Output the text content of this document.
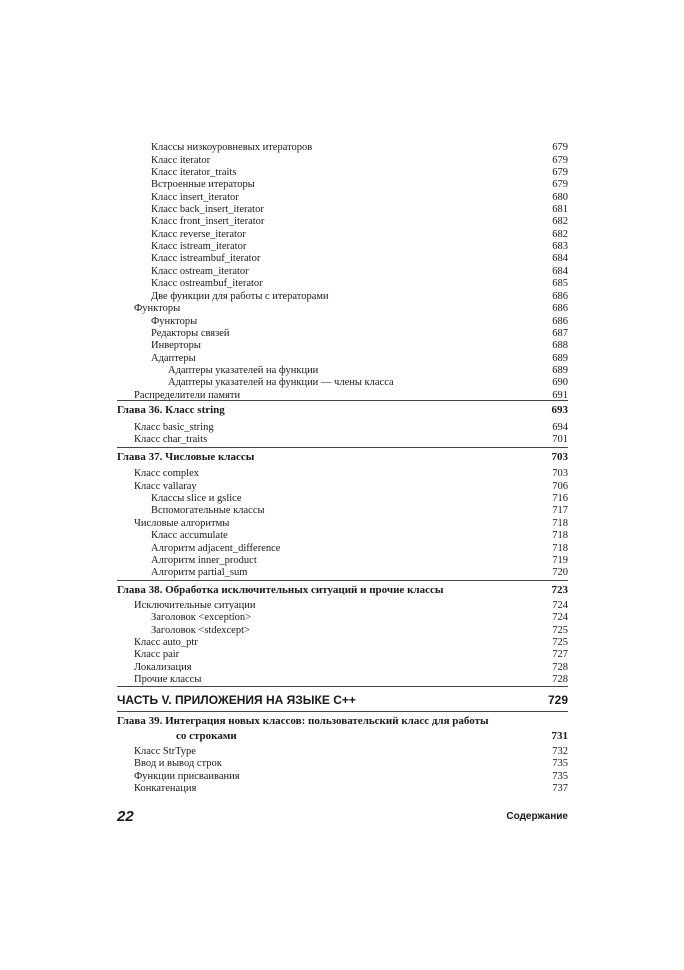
Классы низкоуровневых итераторов	679
Класс iterator	679
Класс iterator_traits	679
Встроенные итераторы	679
Класс insert_iterator	680
Класс back_insert_iterator	681
Класс front_insert_iterator	682
Класс reverse_iterator	682
Класс istream_iterator	683
Класс istreambuf_iterator	684
Класс ostream_iterator	684
Класс ostreambuf_iterator	685
Две функции для работы с итераторами	686
Функторы	686
Функторы	686
Редакторы связей	687
Инверторы	688
Адаптеры	689
Адаптеры указателей на функции	689
Адаптеры указателей на функции — члены класса	690
Распределители памяти	691
Глава 36. Класс string	693
Класс basic_string	694
Класс char_traits	701
Глава 37. Числовые классы	703
Класс complex	703
Класс vallaray	706
Классы slice и gslice	716
Вспомогательные классы	717
Числовые алгоритмы	718
Класс accumulate	718
Алгоритм adjacent_difference	718
Алгоритм inner_product	719
Алгоритм partial_sum	720
Глава 38. Обработка исключительных ситуаций и прочие классы	723
Исключительные ситуации	724
Заголовок <exception>	724
Заголовок <stdexcept>	725
Класс auto_ptr	725
Класс pair	727
Локализация	728
Прочие классы	728
ЧАСТЬ V. ПРИЛОЖЕНИЯ НА ЯЗЫКЕ С++	729
Глава 39. Интеграция новых классов: пользовательский класс для работы
со строками	731
Класс StrType	732
Ввод и вывод строк	735
Функции присваивания	735
Конкатенация	737
22	Содержание
